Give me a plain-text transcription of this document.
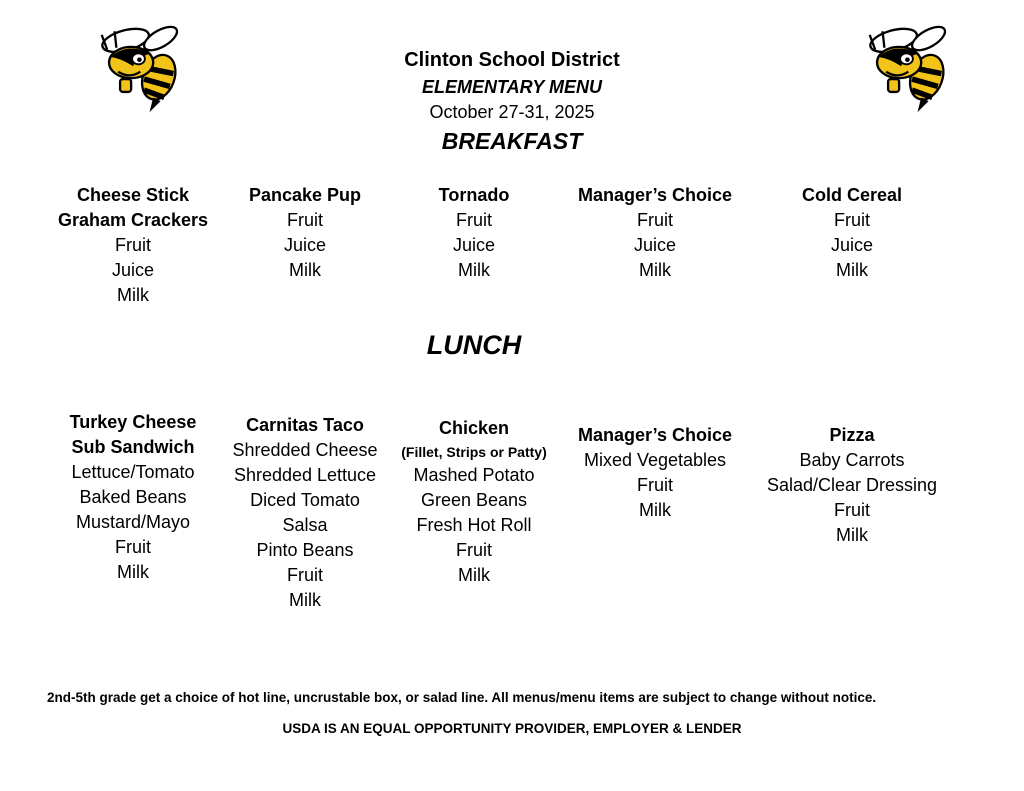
Clinton School District
ELEMENTARY MENU
October 27-31, 2025
BREAKFAST
Cheese Stick
Graham Crackers
Fruit
Juice
Milk
Pancake Pup
Fruit
Juice
Milk
Tornado
Fruit
Juice
Milk
Manager’s Choice
Fruit
Juice
Milk
Cold Cereal
Fruit
Juice
Milk
LUNCH
Turkey Cheese
Sub Sandwich
Lettuce/Tomato
Baked Beans
Mustard/Mayo
Fruit
Milk
Carnitas Taco
Shredded Cheese
Shredded Lettuce
Diced Tomato
Salsa
Pinto Beans
Fruit
Milk
Chicken
(Fillet, Strips or Patty)
Mashed Potato
Green Beans
Fresh Hot Roll
Fruit
Milk
Manager’s Choice
Mixed Vegetables
Fruit
Milk
Pizza
Baby Carrots
Salad/Clear Dressing
Fruit
Milk
2nd-5th grade get a choice of hot line, uncrustable box, or salad line. All menus/menu items are subject to change without notice.
USDA IS AN EQUAL OPPORTUNITY PROVIDER, EMPLOYER & LENDER
